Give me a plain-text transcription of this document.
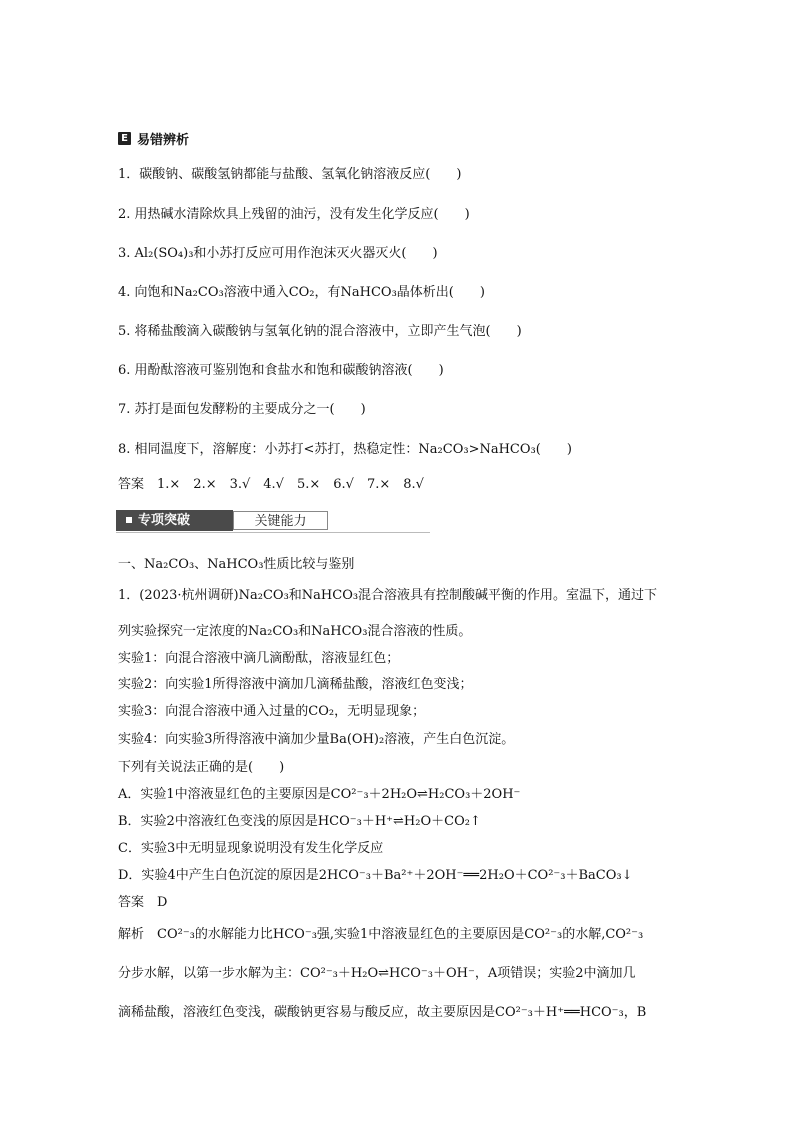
E 易错辨析
1．碳酸钠、碳酸氢钠都能与盐酸、氢氧化钠溶液反应(　　)
2. 用热碱水清除炊具上残留的油污，没有发生化学反应(　　)
3. Al₂(SO₄)₃和小苏打反应可用作泡沫灭火器灭火(　　)
4. 向饱和Na₂CO₃溶液中通入CO₂，有NaHCO₃晶体析出(　　)
5. 将稀盐酸滴入碳酸钠与氢氧化钠的混合溶液中，立即产生气泡(　　)
6. 用酚酞溶液可鉴别饱和食盐水和饱和碳酸钠溶液(　　)
7. 苏打是面包发酵粉的主要成分之一(　　)
8. 相同温度下，溶解度：小苏打<苏打，热稳定性：Na₂CO₃>NaHCO₃(　　)
答案　1.×　2.×　3.√　4.√　5.×　6.√　7.×　8.√
专项突破	关键能力
一、Na₂CO₃、NaHCO₃性质比较与鉴别
1．(2023·杭州调研)Na₂CO₃和NaHCO₃混合溶液具有控制酸碱平衡的作用。室温下，通过下
列实验探究一定浓度的Na₂CO₃和NaHCO₃混合溶液的性质。
实验1：向混合溶液中滴几滴酚酞，溶液显红色；
实验2：向实验1所得溶液中滴加几滴稀盐酸，溶液红色变浅；
实验3：向混合溶液中通入过量的CO₂，无明显现象；
实验4：向实验3所得溶液中滴加少量Ba(OH)₂溶液，产生白色沉淀。
下列有关说法正确的是(　　)
A．实验1中溶液显红色的主要原因是CO²⁻₃＋2H₂O⇌H₂CO₃＋2OH⁻
B．实验2中溶液红色变浅的原因是HCO⁻₃＋H⁺⇌H₂O＋CO₂↑
C．实验3中无明显现象说明没有发生化学反应
D．实验4中产生白色沉淀的原因是2HCO⁻₃＋Ba²⁺＋2OH⁻══2H₂O＋CO²⁻₃＋BaCO₃↓
答案　D
解析　CO²⁻₃的水解能力比HCO⁻₃强,实验1中溶液显红色的主要原因是CO²⁻₃的水解,CO²⁻₃
分步水解，以第一步水解为主：CO²⁻₃＋H₂O⇌HCO⁻₃＋OH⁻，A项错误；实验2中滴加几
滴稀盐酸，溶液红色变浅，碳酸钠更容易与酸反应，故主要原因是CO²⁻₃＋H⁺══HCO⁻₃，B
